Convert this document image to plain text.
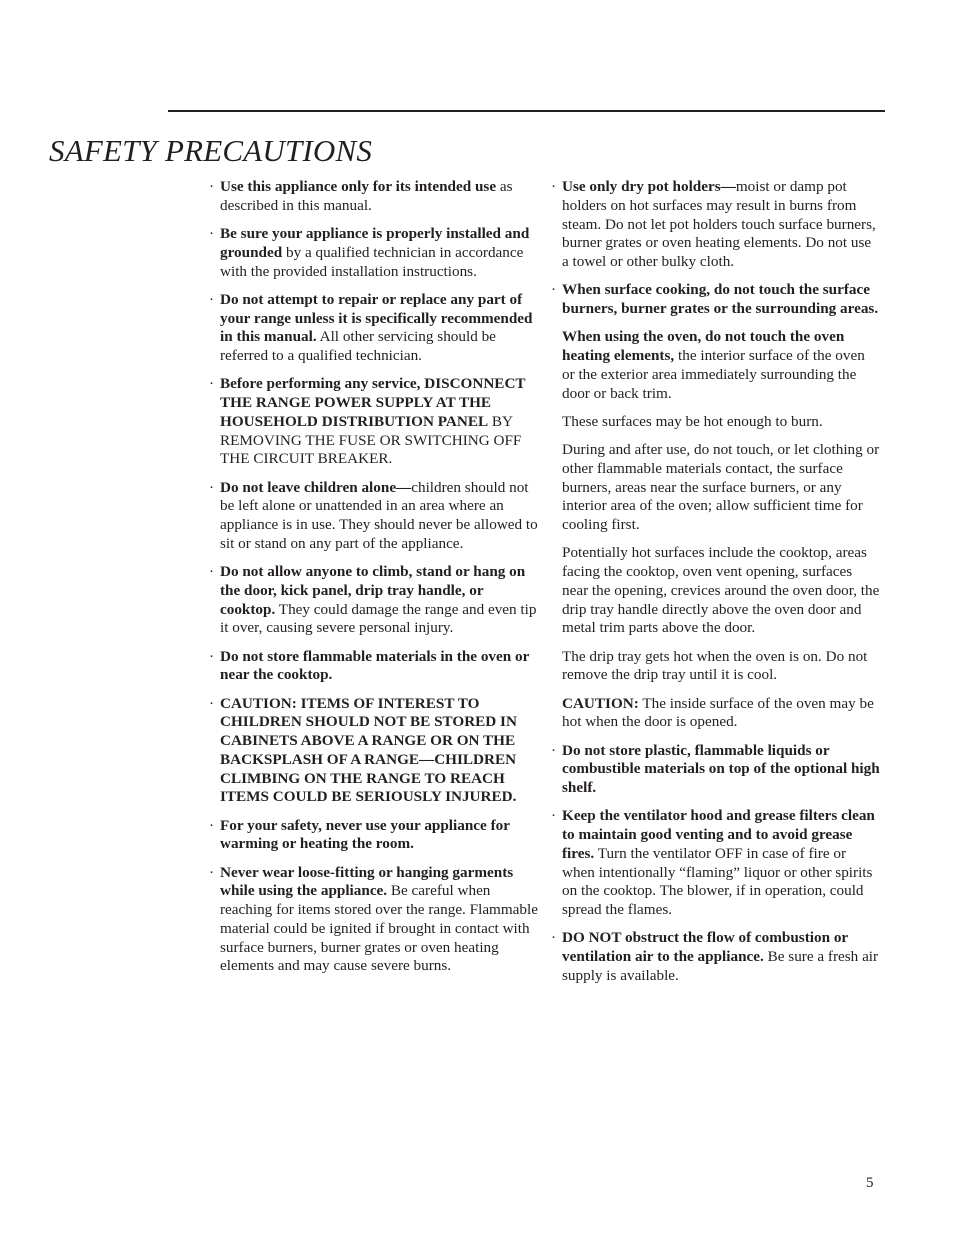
SAFETY PRECAUTIONS
· Use this appliance only for its intended use as described in this manual.
· Be sure your appliance is properly installed and grounded by a qualified technician in accordance with the provided installation instructions.
· Do not attempt to repair or replace any part of your range unless it is specifically recommended in this manual. All other servicing should be referred to a qualified technician.
· Before performing any service, DISCONNECT THE RANGE POWER SUPPLY AT THE HOUSEHOLD DISTRIBUTION PANEL BY REMOVING THE FUSE OR SWITCHING OFF THE CIRCUIT BREAKER.
· Do not leave children alone—children should not be left alone or unattended in an area where an appliance is in use. They should never be allowed to sit or stand on any part of the appliance.
· Do not allow anyone to climb, stand or hang on the door, kick panel, drip tray handle, or cooktop. They could damage the range and even tip it over, causing severe personal injury.
· Do not store flammable materials in the oven or near the cooktop.
· CAUTION: ITEMS OF INTEREST TO CHILDREN SHOULD NOT BE STORED IN CABINETS ABOVE A RANGE OR ON THE BACKSPLASH OF A RANGE—CHILDREN CLIMBING ON THE RANGE TO REACH ITEMS COULD BE SERIOUSLY INJURED.
· For your safety, never use your appliance for warming or heating the room.
· Never wear loose-fitting or hanging garments while using the appliance. Be careful when reaching for items stored over the range. Flammable material could be ignited if brought in contact with surface burners, burner grates or oven heating elements and may cause severe burns.
· Use only dry pot holders—moist or damp pot holders on hot surfaces may result in burns from steam. Do not let pot holders touch surface burners, burner grates or oven heating elements. Do not use a towel or other bulky cloth.
· When surface cooking, do not touch the surface burners, burner grates or the surrounding areas.
When using the oven, do not touch the oven heating elements, the interior surface of the oven or the exterior area immediately surrounding the door or back trim.
These surfaces may be hot enough to burn.
During and after use, do not touch, or let clothing or other flammable materials contact, the surface burners, areas near the surface burners, or any interior area of the oven; allow sufficient time for cooling first.
Potentially hot surfaces include the cooktop, areas facing the cooktop, oven vent opening, surfaces near the opening, crevices around the oven door, the drip tray handle directly above the oven door and metal trim parts above the door.
The drip tray gets hot when the oven is on. Do not remove the drip tray until it is cool.
CAUTION: The inside surface of the oven may be hot when the door is opened.
· Do not store plastic, flammable liquids or combustible materials on top of the optional high shelf.
· Keep the ventilator hood and grease filters clean to maintain good venting and to avoid grease fires. Turn the ventilator OFF in case of fire or when intentionally “flaming” liquor or other spirits on the cooktop. The blower, if in operation, could spread the flames.
· DO NOT obstruct the flow of combustion or ventilation air to the appliance. Be sure a fresh air supply is available.
5
